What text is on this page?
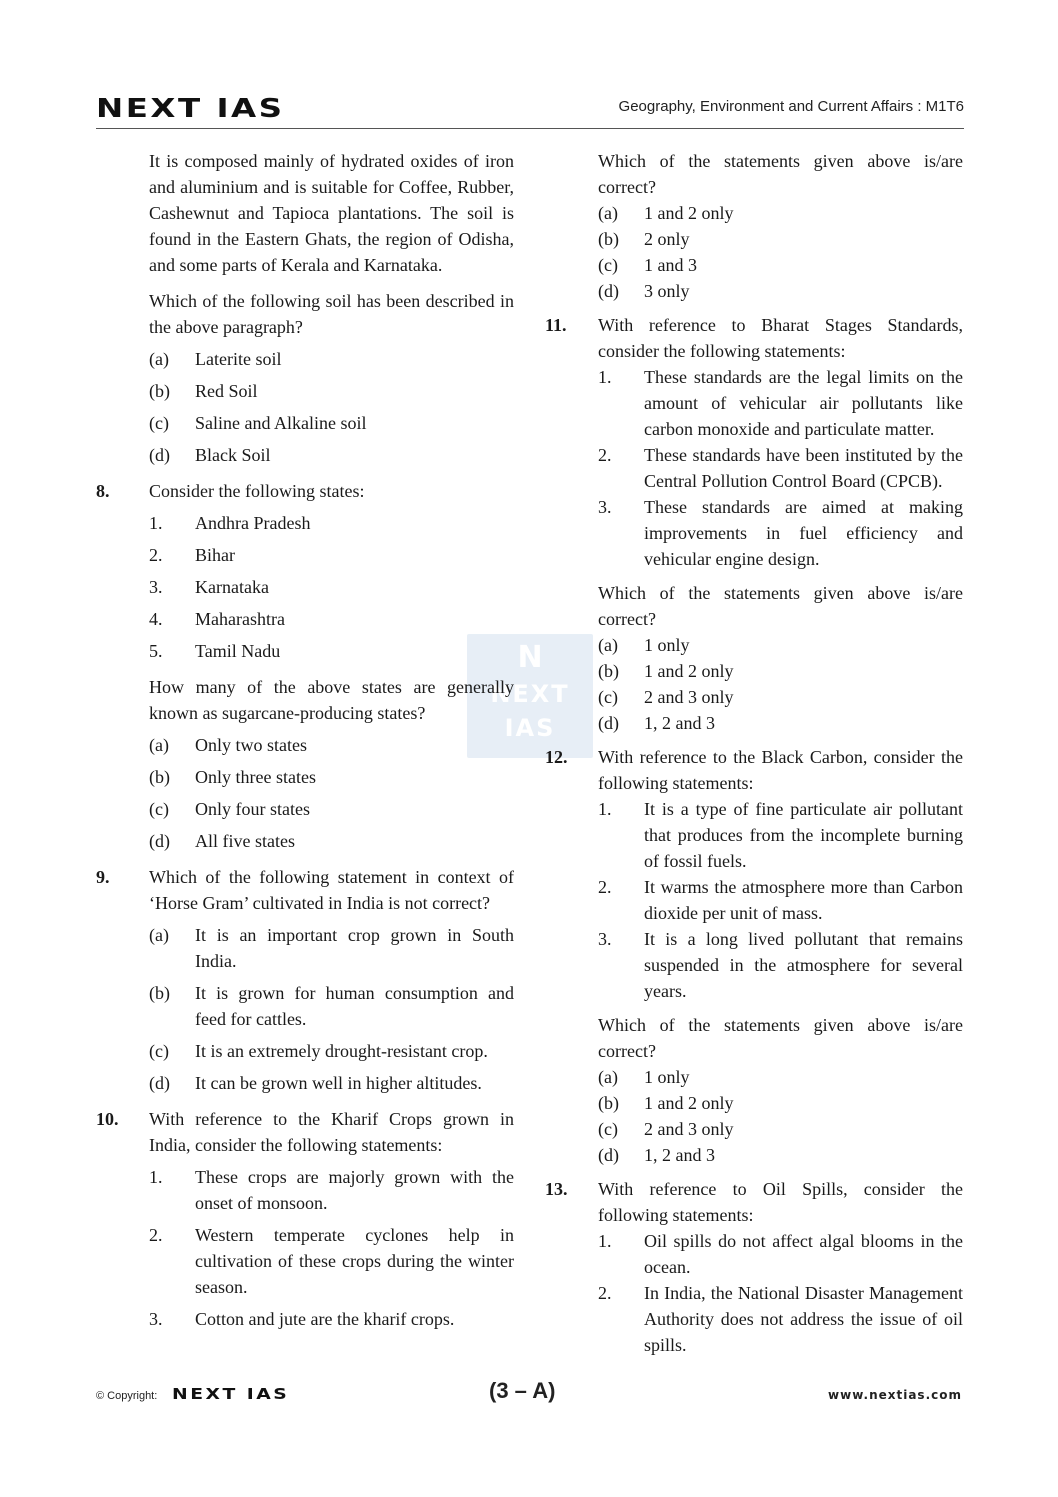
NEXT IAS	Geography, Environment and Current Affairs : M1T6
N
NEXT
IAS
It is composed mainly of hydrated oxides of iron and aluminium and is suitable for Coffee, Rubber, Cashewnut and Tapioca plantations. The soil is found in the Eastern Ghats, the region of Odisha, and some parts of Kerala and Karnataka.
Which of the following soil has been described in the above paragraph?
(a)	Laterite soil
(b)	Red Soil
(c)	Saline and Alkaline soil
(d)	Black Soil
8.	Consider the following states:
1.	Andhra Pradesh
2.	Bihar
3.	Karnataka
4.	Maharashtra
5.	Tamil Nadu
How many of the above states are generally known as sugarcane-producing states?
(a)	Only two states
(b)	Only three states
(c)	Only four states
(d)	All five states
9.	Which of the following statement in context of ‘Horse Gram’ cultivated in India is not correct?
(a)	It is an important crop grown in South India.
(b)	It is grown for human consumption and feed for cattles.
(c)	It is an extremely drought-resistant crop.
(d)	It can be grown well in higher altitudes.
10.	With reference to the Kharif Crops grown in India, consider the following statements:
1.	These crops are majorly grown with the onset of monsoon.
2.	Western temperate cyclones help in cultivation of these crops during the winter season.
3.	Cotton and jute are the kharif crops.
Which of the statements given above is/are correct?
(a)	1 and 2 only
(b)	2 only
(c)	1 and 3
(d)	3 only
11.	With reference to Bharat Stages Standards, consider the following statements:
1.	These standards are the legal limits on the amount of vehicular air pollutants like carbon monoxide and particulate matter.
2.	These standards have been instituted by the Central Pollution Control Board (CPCB).
3.	These standards are aimed at making improvements in fuel efficiency and vehicular engine design.
Which of the statements given above is/are correct?
(a)	1 only
(b)	1 and 2 only
(c)	2 and 3 only
(d)	1, 2 and 3
12.	With reference to the Black Carbon, consider the following statements:
1.	It is a type of fine particulate air pollutant that produces from the incomplete burning of fossil fuels.
2.	It warms the atmosphere more than Carbon dioxide per unit of mass.
3.	It is a long lived pollutant that remains suspended in the atmosphere for several years.
Which of the statements given above is/are correct?
(a)	1 only
(b)	1 and 2 only
(c)	2 and 3 only
(d)	1, 2 and 3
13.	With reference to Oil Spills, consider the following statements:
1.	Oil spills do not affect algal blooms in the ocean.
2.	In India, the National Disaster Management Authority does not address the issue of oil spills.
© Copyright: NEXT IAS	(3 – A)	www.nextias.com
